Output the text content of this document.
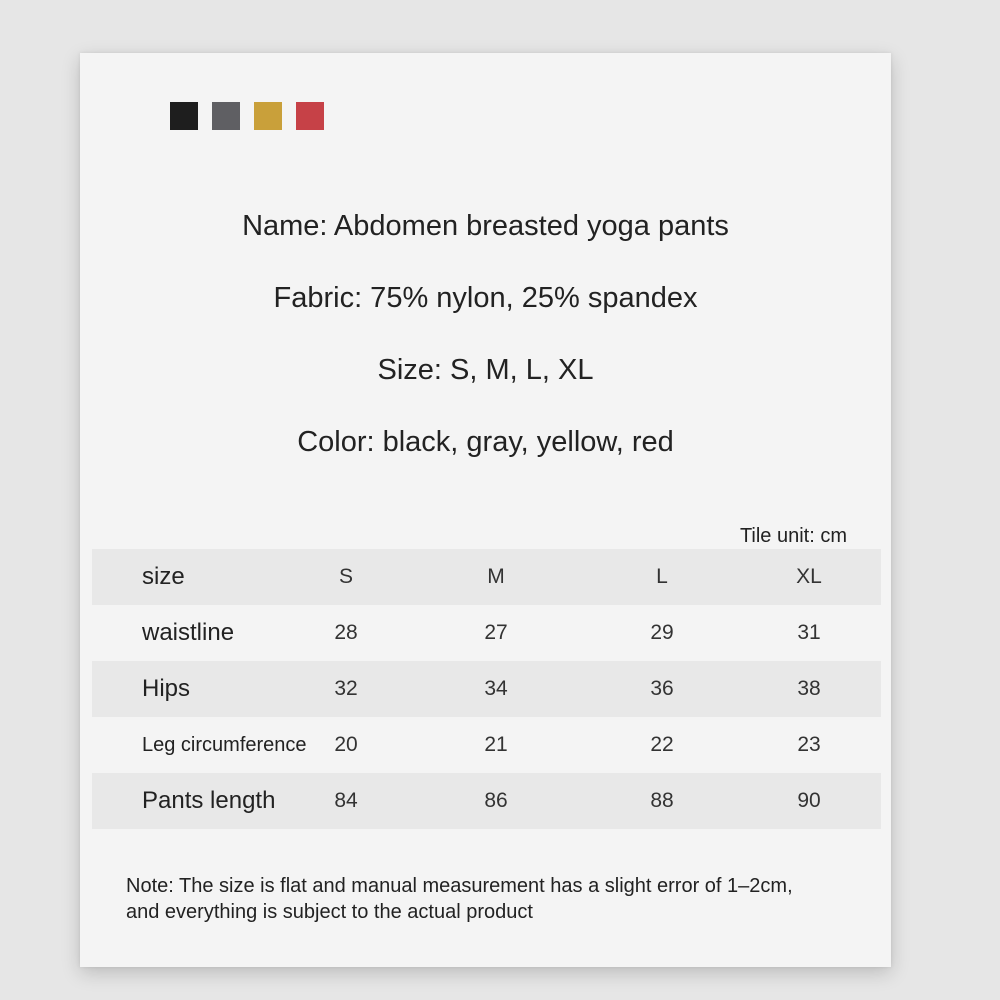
Name: Abdomen breasted yoga pants
Fabric: 75% nylon, 25% spandex
Size: S, M, L, XL
Color: black, gray, yellow, red
Tile unit: cm
size	S	M	L	XL
waistline	28	27	29	31
Hips	32	34	36	38
Leg circumference 20	21	22	23
Pants length	84	86	88	90
Note: The size is flat and manual measurement has a slight error of 1–2cm,
and everything is subject to the actual product
